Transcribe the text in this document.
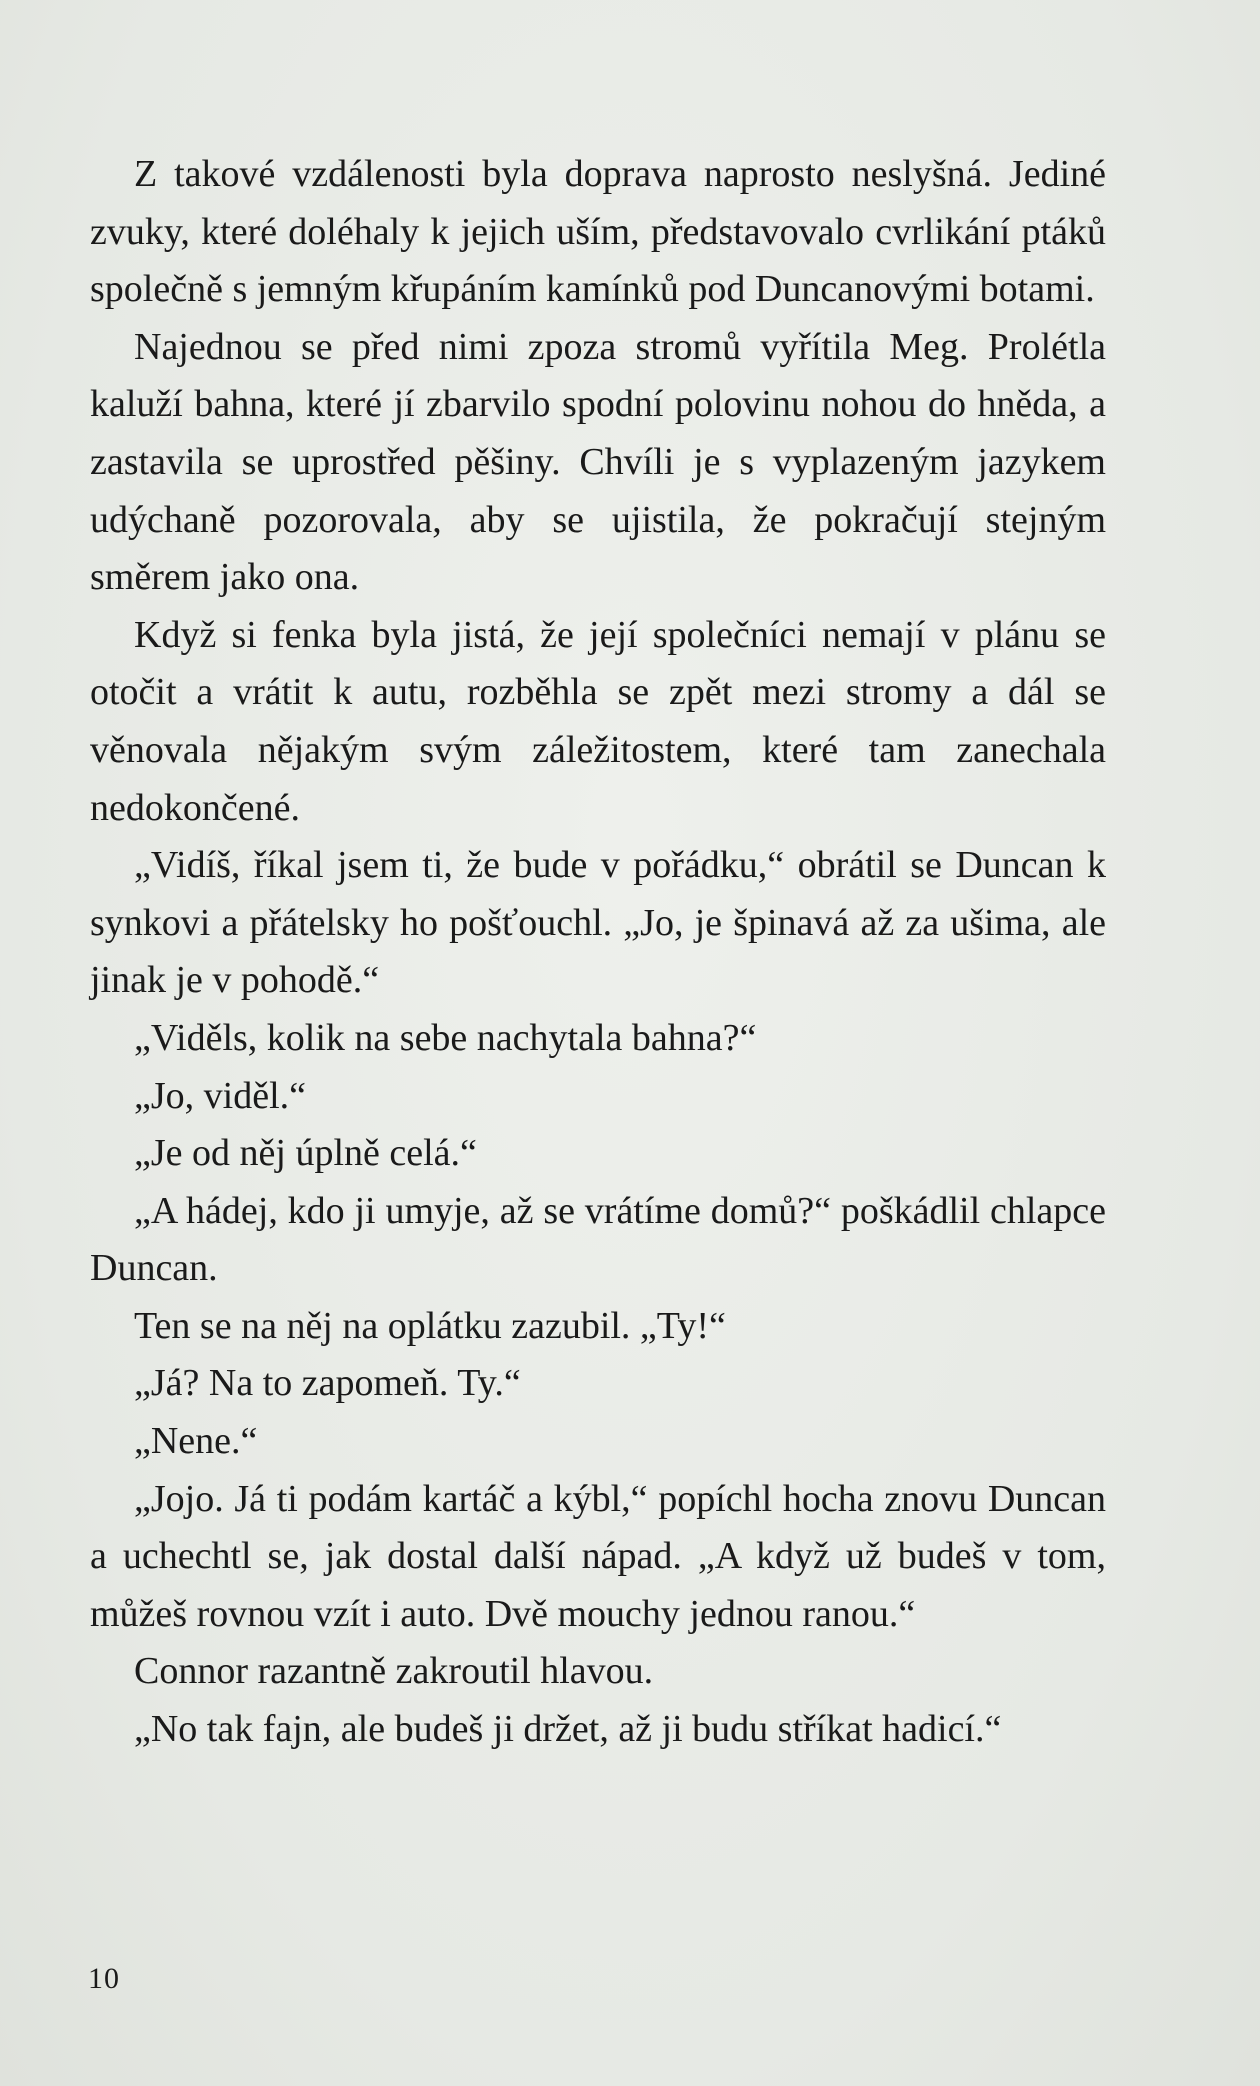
Z takové vzdálenosti byla doprava naprosto neslyšná. Jediné zvuky, které doléhaly k jejich uším, představovalo cvrlikání ptáků společně s jemným křupáním kamínků pod Duncanovými botami.

Najednou se před nimi zpoza stromů vyřítila Meg. Prolétla kaluží bahna, které jí zbarvilo spodní polovinu nohou do hněda, a zastavila se uprostřed pěšiny. Chvíli je s vyplazeným jazykem udýchaně pozorovala, aby se ujistila, že pokračují stejným směrem jako ona.

Když si fenka byla jistá, že její společníci nemají v plánu se otočit a vrátit k autu, rozběhla se zpět mezi stromy a dál se věnovala nějakým svým záležitostem, které tam zanechala nedokončené.

„Vidíš, říkal jsem ti, že bude v pořádku,“ obrátil se Duncan k synkovi a přátelsky ho pošťouchl. „Jo, je špinavá až za ušima, ale jinak je v pohodě.“

„Viděls, kolik na sebe nachytala bahna?“

„Jo, viděl.“

„Je od něj úplně celá.“

„A hádej, kdo ji umyje, až se vrátíme domů?“ poškádlil chlapce Duncan.

Ten se na něj na oplátku zazubil. „Ty!“

„Já? Na to zapomeň. Ty.“

„Nene.“

„Jojo. Já ti podám kartáč a kýbl,“ popíchl hocha znovu Duncan a uchechtl se, jak dostal další nápad. „A když už budeš v tom, můžeš rovnou vzít i auto. Dvě mouchy jednou ranou.“

Connor razantně zakroutil hlavou.

„No tak fajn, ale budeš ji držet, až ji budu stříkat hadicí.“

10
